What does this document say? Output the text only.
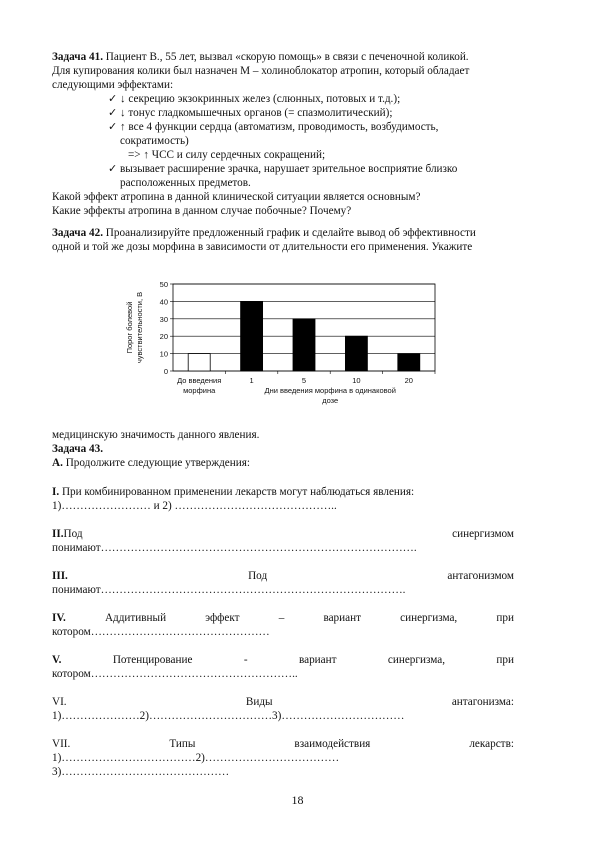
Задача 41. Пациент В., 55 лет, вызвал «скорую помощь» в связи с печеночной коликой.
Для купирования колики был назначен М – холиноблокатор атропин, который обладает
следующими эффектами:
✓ ↓ секрецию экзокринных желез (слюнных, потовых и т.д.);
✓ ↓ тонус гладкомышечных органов (= спазмолитический);
✓ ↑ все 4 функции сердца (автоматизм, проводимость, возбудимость,
сократимость)
=> ↑ ЧСС и силу сердечных сокращений;
✓ вызывает расширение зрачка, нарушает зрительное восприятие близко
расположенных предметов.
Какой эффект атропина в данной клинической ситуации является основным?
Какие эффекты атропина в данном случае побочные? Почему?
Задача 42. Проанализируйте предложенный график и сделайте вывод об эффективности
одной и той же дозы морфина в зависимости от длительности его применения. Укажите
0
10
20
30
40
50
До введения
морфина
1	5	10	20
Дни введения морфина в одинаковой
дозе
Порог болевой чувствительности, В
медицинскую значимость данного явления.
Задача 43.
А. Продолжите следующие утверждения:
I. При комбинированном применении лекарств могут наблюдаться явления:
1)…………………… и 2) ……………………………………..
II.Под	синергизмом
понимают………………………………………………………………………….
III.	Под	антагонизмом
понимают……………………………………………………………………….
IV.	Аддитивный	эффект	–	вариант	синергизма,	при
котором…………………………………………
V.	Потенцирование	-	вариант	синергизма,	при
котором………………………………………………..
VI.	Виды	антагонизма:
1)…………………2)……………………………3)……………………………
VII.	Типы	взаимодействия	лекарств:
1)………………………………2)………………………………
3)………………………………………
18
